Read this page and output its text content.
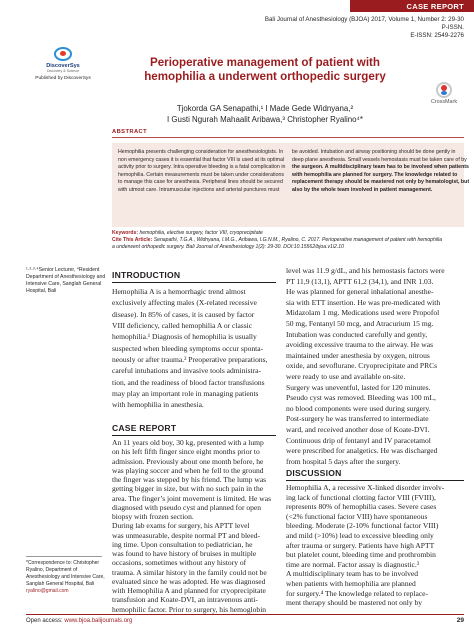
CASE REPORT
Bali Journal of Anesthesiology (BJOA) 2017, Volume 1, Number 2: 29-30
P-ISSN.
E-ISSN: 2549-2276
DiscoverSys
Discovery & Science
Published by DiscoverSys
Perioperative management of patient with
hemophilia a underwent orthopedic surgery
CrossMark
Tjokorda GA Senapathi,¹ I Made Gede Widnyana,²
I Gusti Ngurah Mahaalit Aribawa,³ Christopher Ryalino⁴*
ABSTRACT
Hemophilia presents challenging consideration for anesthesiologists. In
non emergency cases it is essential that factor VIII is used at its optimal
activity prior to surgery. Intra operative bleeding is a fatal complication in
hemophilia. Certain measurements must be taken under considerations
to manage this case for anesthesia. Peripheral lines should be secured
with utmost care. Intramuscular injections and arterial punctures must
be avoided. Intubation and airway positioning should be done gently in
deep plane anesthesia. Small vessels hemostasis must be taken care of by
the surgeon. A multidisciplinary team has to be involved when patients
with hemophilia are planned for surgery. The knowledge related to
replacement therapy should be mastered not only by hematologist, but
also by the whole team involved in patient management.
Keywords: hemophilia, elective surgery, factor VIII, cryoprecipitate
Cite This Article: Senapathi, T.G.A., Widnyana, I.M.G., Aribawa, I.G.N.M., Ryalino, C. 2017. Perioperative management of patient with hemophilia
a underwent orthopedic surgery. Bali Journal of Anesthesiology 1(2): 29-30. DOI:10.15562/bjoa.v1i2.10
¹·²·³·⁴Senior Lecturer, ⁴Resident
Department of Anesthesiology and
Intensive Care, Sanglah General
Hospital, Bali
*Correspondence to: Christopher
Ryalino, Department of
Anesthesiology and Intensive Care,
Sanglah General Hospital, Bali
ryalino@gmail.com
INTRODUCTION
Hemophilia A is a hemorrhagic trend almost
exclusively affecting males (X-related recessive
disease). In 85% of cases, it is caused by factor
VIII deficiency, called hemophilia A or classic
hemophilia.¹ Diagnosis of hemophilia is usually
suspected when bleeding symptoms occur sponta-
neously or after trauma.² Preoperative preparations,
careful intubations and invasive tools administra-
tion, and the readiness of blood factor transfusions
may play an important role in managing patients
with hemophilia in anesthesia.
CASE REPORT
An 11 years old boy, 30 kg, presented with a lump
on his left fifth finger since eight months prior to
admission. Previously about one month before, he
was playing soccer and when he fell to the ground
the finger was stepped by his friend. The lump was
getting bigger in size, but with no such pain in the
area. The finger’s joint movement is limited. He was
diagnosed with pseudo cyst and planned for open
biopsy with frozen section.
During lab exams for surgery, his APTT level
was unmeasurable, despite normal PT and bleed-
ing time. Upon consultation to pediatrician, he
was found to have history of bruises in multiple
occasions, sometimes without any history of
trauma. A similar history in the family could not be
evaluated since he was adopted. He was diagnosed
with Hemophilia A and planned for cryoprecipitate
transfusion and Koate-DVI, an intravenous anti-
hemophilic factor. Prior to surgery, his hemoglobin
level was 11.9 g/dL, and his hemostasis factors were
PT 11,9 (13,1), APTT 61,2 (34,1), and INR 1.03.
He was planned for general inhalational anesthe-
sia with ETT insertion. He was pre-medicated with
Midazolam 1 mg. Medications used were Propofol
50 mg, Fentanyl 50 mcg, and Atracurium 15 mg.
Intubation was conducted carefully and gently,
avoiding excessive trauma to the airway. He was
maintained under anesthesia by oxygen, nitrous
oxide, and sevoflurane. Cryoprecipitate and PRCs
were ready to use and available on-site.
Surgery was uneventful, lasted for 120 minutes.
Pseudo cyst was removed. Bleeding was 100 mL,
no blood components were used during surgery.
Post-surgery he was transferred to intermediate
ward, and received another dose of Koate-DVI.
Continuous drip of fentanyl and IV paracetamol
were prescribed for analgetics. He was discharged
from hospital 5 days after the surgery.
DISCUSSION
Hemophilia A, a recessive X-linked disorder involv-
ing lack of functional clotting factor VIII (FVIII),
represents 80% of hemophilia cases. Severe cases
(<2% functional factor VIII) have spontaneous
bleeding. Moderate (2-10% functional factor VIII)
and mild (>10%) lead to excessive bleeding only
after trauma or surgery. Patients have high APTT
but platelet count, bleeding time and prothrombin
time are normal. Factor assay is diagnostic.³
A multidisciplinary team has to be involved
when patients with hemophilia are planned
for surgery.⁴ The knowledge related to replace-
ment therapy should be mastered not only by
Open access: www.bjoa.balijournals.org	29
